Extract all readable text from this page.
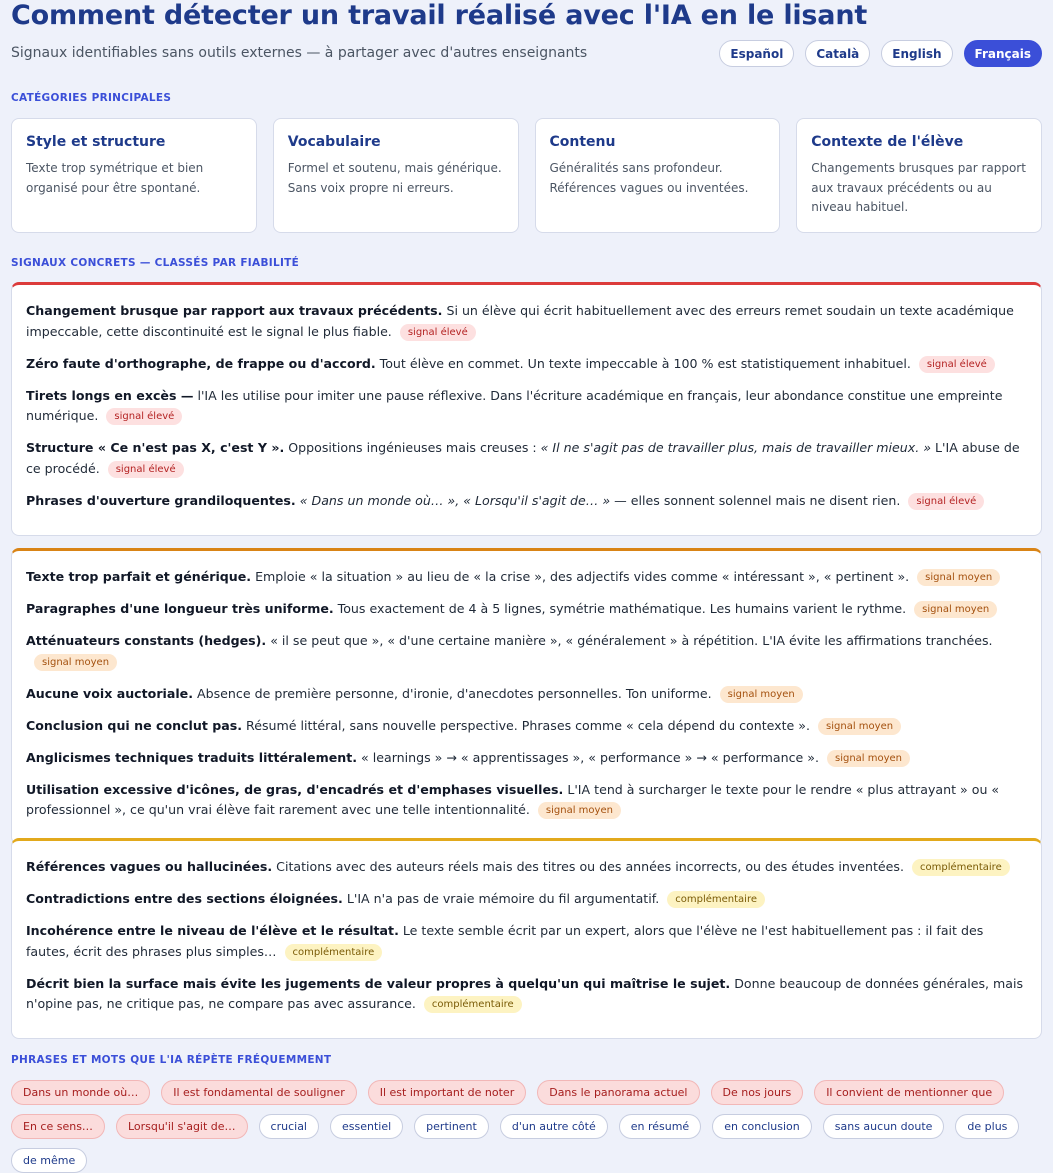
Comment détecter un travail réalisé avec l'IA en le lisant
Signaux identifiables sans outils externes — à partager avec d'autres enseignants	Español	Català	English	Français
CATÉGORIES PRINCIPALES
Style et structure
Texte trop symétrique et bien organisé pour être spontané.
Vocabulaire
Formel et soutenu, mais générique. Sans voix propre ni erreurs.
Contenu
Généralités sans profondeur. Références vagues ou inventées.
Contexte de l'élève
Changements brusques par rapport aux travaux précédents ou au niveau habituel.
SIGNAUX CONCRETS — CLASSÉS PAR FIABILITÉ

Changement brusque par rapport aux travaux précédents. Si un élève qui écrit habituellement avec des erreurs remet soudain un texte académique impeccable, cette discontinuité est le signal le plus fiable. signal élevé

Zéro faute d'orthographe, de frappe ou d'accord. Tout élève en commet. Un texte impeccable à 100 % est statistiquement inhabituel. signal élevé

Tirets longs en excès — l'IA les utilise pour imiter une pause réflexive. Dans l'écriture académique en français, leur abondance constitue une empreinte numérique. signal élevé

Structure « Ce n'est pas X, c'est Y ». Oppositions ingénieuses mais creuses : « Il ne s'agit pas de travailler plus, mais de travailler mieux. » L'IA abuse de ce procédé. signal élevé

Phrases d'ouverture grandiloquentes. « Dans un monde où… », « Lorsqu'il s'agit de… » — elles sonnent solennel mais ne disent rien. signal élevé

Texte trop parfait et générique. Emploie « la situation » au lieu de « la crise », des adjectifs vides comme « intéressant », « pertinent ». signal moyen

Paragraphes d'une longueur très uniforme. Tous exactement de 4 à 5 lignes, symétrie mathématique. Les humains varient le rythme. signal moyen

Atténuateurs constants (hedges). « il se peut que », « d'une certaine manière », « généralement » à répétition. L'IA évite les affirmations tranchées.signal moyen

Aucune voix auctoriale. Absence de première personne, d'ironie, d'anecdotes personnelles. Ton uniforme. signal moyen

Conclusion qui ne conclut pas. Résumé littéral, sans nouvelle perspective. Phrases comme « cela dépend du contexte ». signal moyen

Anglicismes techniques traduits littéralement. « learnings » → « apprentissages », « performance » → « performance ». signal moyen

Utilisation excessive d'icônes, de gras, d'encadrés et d'emphases visuelles. L'IA tend à surcharger le texte pour le rendre « plus attrayant » ou « professionnel », ce qu'un vrai élève fait rarement avec une telle intentionnalité. signal moyen

Références vagues ou hallucinées. Citations avec des auteurs réels mais des titres ou des années incorrects, ou des études inventées. complémentaire

Contradictions entre des sections éloignées. L'IA n'a pas de vraie mémoire du fil argumentatif. complémentaire

Incohérence entre le niveau de l'élève et le résultat. Le texte semble écrit par un expert, alors que l'élève ne l'est habituellement pas : il fait des fautes, écrit des phrases plus simples… complémentaire

Décrit bien la surface mais évite les jugements de valeur propres à quelqu'un qui maîtrise le sujet. Donne beaucoup de données générales, mais n'opine pas, ne critique pas, ne compare pas avec assurance. complémentaire

PHRASES ET MOTS QUE L'IA RÉPÈTE FRÉQUEMMENT
Dans un monde où…	Il est fondamental de souligner	Il est important de noter	Dans le panorama actuel	De nos jours	Il convient de mentionner que
En ce sens…	Lorsqu'il s'agit de…	crucial	essentiel	pertinent	d'un autre côté	en résumé	en conclusion	sans aucun doute	de plus
de même
